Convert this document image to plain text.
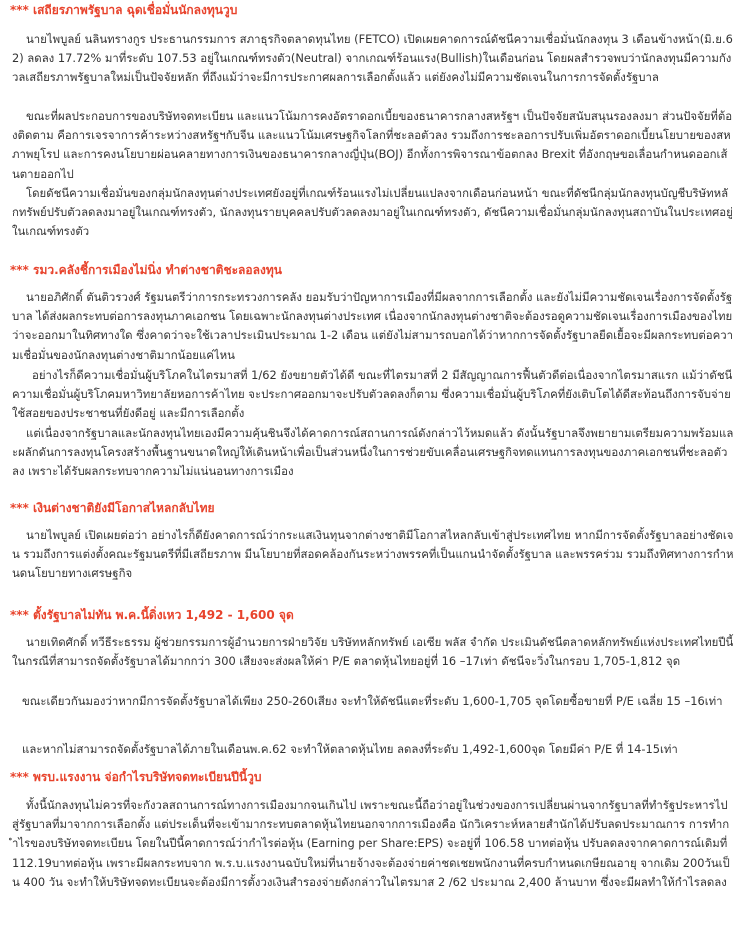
*** เสถียรภาพรัฐบาล ฉุดเชื่อมั่นนักลงทุนวูบ

นายไพบูลย์ นลินทรางกูร ประธานกรรมการ สภาธุรกิจตลาดทุนไทย (FETCO) เปิดเผยคาดการณ์ดัชนีความเชื่อมั่นนักลงทุน 3 เดือนข้างหน้า(มิ.ย.62) ลดลง 17.72% มาที่ระดับ 107.53 อยู่ในเกณฑ์ทรงตัว(Neutral) จากเกณฑ์ร้อนแรง(Bullish)ในเดือนก่อน โดยผลสำรวจพบว่านักลงทุนมีความกังวลเสถียรภาพรัฐบาลใหม่เป็นปัจจัยหลัก ที่ถึงแม้ว่าจะมีการประกาศผลการเลือกตั้งแล้ว แต่ยังคงไม่มีความชัดเจนในการการจัดตั้งรัฐบาล

ขณะที่ผลประกอบการของบริษัทจดทะเบียน และแนวโน้มการคงอัตราดอกเบี้ยของธนาคารกลางสหรัฐฯ เป็นปัจจัยสนับสนุนรองลงมา ส่วนปัจจัยที่ต้องติดตาม คือการเจรจาการค้าระหว่างสหรัฐฯกับจีน และแนวโน้มเศรษฐกิจโลกที่ชะลอตัวลง รวมถึงการชะลอการปรับเพิ่มอัตราดอกเบี้ยนโยบายของสหภาพยุโรป และการคงนโยบายผ่อนคลายทางการเงินของธนาคารกลางญี่ปุ่น(BOJ) อีกทั้งการพิจารณาข้อตกลง Brexit ที่อังกฤษขอเลื่อนกำหนดออกเส้นตายออกไป

โดยดัชนีความเชื่อมั่นของกลุ่มนักลงทุนต่างประเทศยังอยู่ที่เกณฑ์ร้อนแรงไม่เปลี่ยนแปลงจากเดือนก่อนหน้า ขณะที่ดัชนีกลุ่มนักลงทุนบัญชีบริษัทหลักทรัพย์ปรับตัวลดลงมาอยู่ในเกณฑ์ทรงตัว, นักลงทุนรายบุคคลปรับตัวลดลงมาอยู่ในเกณฑ์ทรงตัว, ดัชนีความเชื่อมั่นกลุ่มนักลงทุนสถาบันในประเทศอยู่ในเกณฑ์ทรงตัว

*** รมว.คลังชี้การเมืองไม่นิ่ง ทำต่างชาติชะลอลงทุน

นายอภิศักดิ์ ตันติวรวงศ์ รัฐมนตรีว่าการกระทรวงการคลัง ยอมรับว่าปัญหาการเมืองที่มีผลจากการเลือกตั้ง และยังไม่มีความชัดเจนเรื่องการจัดตั้งรัฐบาล ได้ส่งผลกระทบต่อการลงทุนภาคเอกชน โดยเฉพาะนักลงทุนต่างประเทศ เนื่องจากนักลงทุนต่างชาติจะต้องรอดูความชัดเจนเรื่องการเมืองของไทยว่าจะออกมาในทิศทางใด ซึ่งคาดว่าจะใช้เวลาประเมินประมาณ 1-2 เดือน แต่ยังไม่สามารถบอกได้ว่าหากการจัดตั้งรัฐบาลยืดเยื้อจะมีผลกระทบต่อความเชื่อมั่นของนักลงทุนต่างชาติมากน้อยแค่ไหน

อย่างไรก็ดีความเชื่อมั่นผู้บริโภคในไตรมาสที่ 1/62 ยังขยายตัวได้ดี ขณะที่ไตรมาสที่ 2 มีสัญญาณการฟื้นตัวดีต่อเนื่องจากไตรมาสแรก แม้ว่าดัชนีความเชื่อมั่นผู้บริโภคมหาวิทยาลัยหอการค้าไทย จะประกาศออกมาจะปรับตัวลดลงก็ตาม ซึ่งความเชื่อมั่นผู้บริโภคที่ยังเติบโตได้ดีสะท้อนถึงการจับจ่ายใช้สอยของประชาชนที่ยังดีอยู่ และมีการเลือกตั้ง

แต่เนื่องจากรัฐบาลและนักลงทุนไทยเองมีความคุ้นชินจึงได้คาดการณ์สถานการณ์ดังกล่าวไว้หมดแล้ว ดังนั้นรัฐบาลจึงพยายามเตรียมความพร้อมและผลักดันการลงทุนโครงสร้างพื้นฐานขนาดใหญ่ให้เดินหน้าเพื่อเป็นส่วนหนึ่งในการช่วยขับเคลื่อนเศรษฐกิจทดแทนการลงทุนของภาคเอกชนที่ชะลอตัวลง เพราะได้รับผลกระทบจากความไม่แน่นอนทางการเมือง

*** เงินต่างชาติยังมีโอกาสไหลกลับไทย

นายไพบูลย์ เปิดเผยต่อว่า อย่างไรก็ดียังคาดการณ์ว่ากระแสเงินทุนจากต่างชาติมีโอกาสไหลกลับเข้าสู่ประเทศไทย หากมีการจัดตั้งรัฐบาลอย่างชัดเจน รวมถึงการแต่งตั้งคณะรัฐมนตรีที่มีเสถียรภาพ มีนโยบายที่สอดคล้องกันระหว่างพรรคที่เป็นแกนนำจัดตั้งรัฐบาล และพรรคร่วม รวมถึงทิศทางการกำหนดนโยบายทางเศรษฐกิจ

*** ตั้งรัฐบาลไม่ทัน พ.ค.นี้ดิ่งเหว 1,492 - 1,600 จุด

นายเทิดศักดิ์ ทวีธีระธรรม ผู้ช่วยกรรมการผู้อำนวยการฝ่ายวิจัย บริษัทหลักทรัพย์ เอเซีย พลัส จำกัด ประเมินดัชนีตลาดหลักทรัพย์แห่งประเทศไทยปีนี้ ในกรณีที่สามารถจัดตั้งรัฐบาลได้มากกว่า 300 เสียงจะส่งผลให้ค่า P/E ตลาดหุ้นไทยอยู่ที่ 16 –17เท่า ดัชนีจะวิ่งในกรอบ 1,705-1,812 จุด

ขณะเดียวกันมองว่าหากมีการจัดตั้งรัฐบาลได้เพียง 250-260เสียง จะทำให้ดัชนีแตะที่ระดับ 1,600-1,705 จุดโดยซื้อขายที่ P/E เฉลี่ย 15 –16เท่า

และหากไม่สามารถจัดตั้งรัฐบาลได้ภายในเดือนพ.ค.62 จะทำให้ตลาดหุ้นไทย ลดลงที่ระดับ 1,492-1,600จุด โดยมีค่า P/E ที่ 14-15เท่า

*** พรบ.แรงงาน จ่อกำไรบริษัทจดทะเบียนปีนี้วูบ

ทั้งนี้นักลงทุนไม่ควรที่จะกังวลสถานการณ์ทางการเมืองมากจนเกินไป เพราะขณะนี้ถือว่าอยู่ในช่วงของการเปลี่ยนผ่านจากรัฐบาลที่ทำรัฐประหารไปสู่รัฐบาลที่มาจากการเลือกตั้ง แต่ประเด็นที่จะเข้ามากระทบตลาดหุ้นไทยนอกจากการเมืองคือ นักวิเคราะห์หลายสำนักได้ปรับลดประมาณการ การทำกำไรของบริษัทจดทะเบียน โดยในปีนี้คาดการณ์ว่ากำไรต่อหุ้น (Earning per Share:EPS) จะอยู่ที่ 106.58 บาทต่อหุ้น ปรับลดลงจากคาดการณ์เดิมที่ 112.19บาทต่อหุ้น เพราะมีผลกระทบจาก พ.ร.บ.แรงงานฉบับใหม่ที่นายจ้างจะต้องจ่ายค่าชดเชยพนักงานที่ครบกำหนดเกษียณอายุ จากเดิม 200วันเป็น 400 วัน จะทำให้บริษัทจดทะเบียนจะต้องมีการตั้งวงเงินสำรองจ่ายดังกล่าวในไตรมาส 2 /62 ประมาณ 2,400 ล้านบาท ซึ่งจะมีผลทำให้กำไรลดลง
